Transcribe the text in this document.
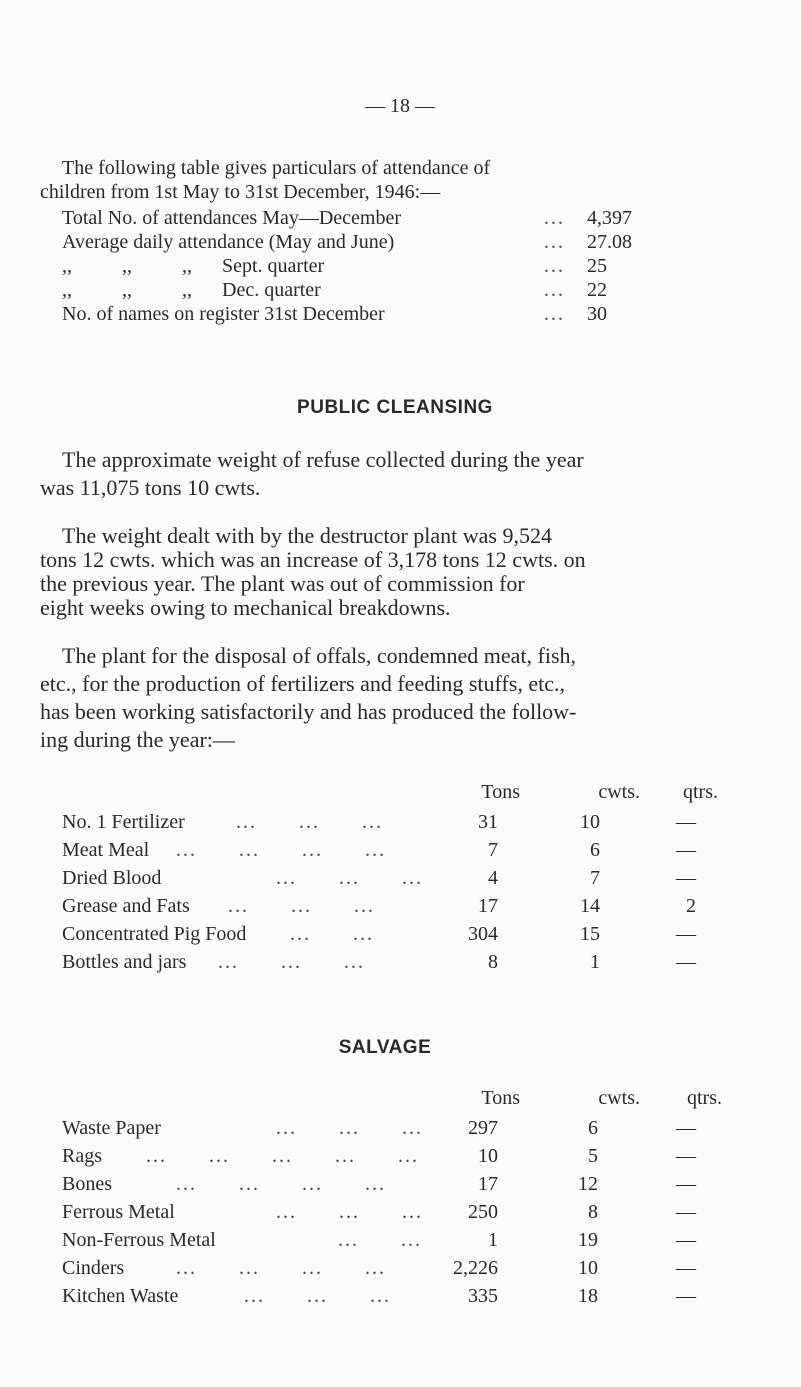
— 18 —
The following table gives particulars of attendance of
children from 1st May to 31st December, 1946:—
Total No. of attendances May—December	... 4,397
Average daily attendance (May and June)	... 27.08
,,          ,,          ,,      Sept. quarter	... 25
,,          ,,          ,,      Dec. quarter	... 22
No. of names on register 31st December	... 30
PUBLIC CLEANSING
The approximate weight of refuse collected during the year
was 11,075 tons 10 cwts.
The weight dealt with by the destructor plant was 9,524
tons 12 cwts. which was an increase of 3,178 tons 12 cwts. on
the previous year. The plant was out of commission for
eight weeks owing to mechanical breakdowns.
The plant for the disposal of offals, condemned meat, fish,
etc., for the production of fertilizers and feeding stuffs, etc.,
has been working satisfactorily and has produced the follow-
ing during the year:—
Tons	cwts.	qtrs.
No. 1 Fertilizer	...      ...      ...	31	10	—
Meat Meal ...      ...      ...      ...	7	6	—
Dried Blood	...      ...      ...	4	7	—
Grease and Fats ...      ...      ...	17	14	2
Concentrated Pig Food ...      ...	304	15	—
Bottles and jars ...      ...      ...	8	1	—
SALVAGE
Tons	cwts.	qtrs.
Waste Paper	...      ...      ...	297	6	—
Rags ...      ...      ...      ...      ...	10	5	—
Bones	...      ...      ...      ...	17	12	—
Ferrous Metal	...      ...      ...	250	8	—
Non-Ferrous Metal	...      ...	1	19	—
Cinders	...      ...      ...      ...	2,226	10	—
Kitchen Waste	...      ...      ...	335	18	—
